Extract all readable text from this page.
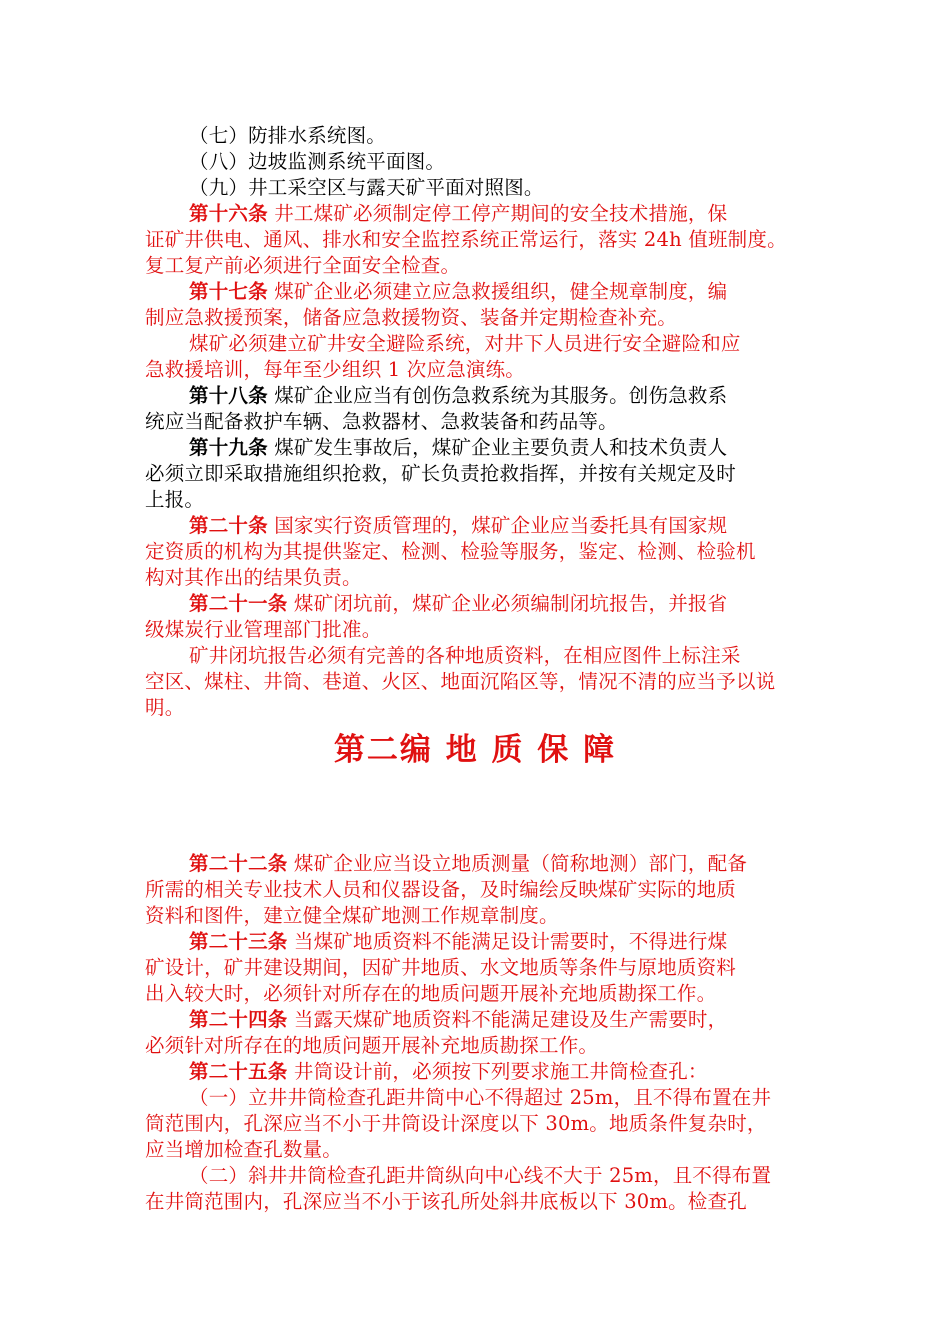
（七）防排水系统图。
（八）边坡监测系统平面图。
（九）井工采空区与露天矿平面对照图。
第十六条 井工煤矿必须制定停工停产期间的安全技术措施，保
证矿井供电、通风、排水和安全监控系统正常运行，落实 24h 值班制度。
复工复产前必须进行全面安全检查。
第十七条 煤矿企业必须建立应急救援组织，健全规章制度，编
制应急救援预案，储备应急救援物资、装备并定期检查补充。
煤矿必须建立矿井安全避险系统，对井下人员进行安全避险和应
急救援培训，每年至少组织 1 次应急演练。
第十八条 煤矿企业应当有创伤急救系统为其服务。创伤急救系
统应当配备救护车辆、急救器材、急救装备和药品等。
第十九条 煤矿发生事故后，煤矿企业主要负责人和技术负责人
必须立即采取措施组织抢救，矿长负责抢救指挥，并按有关规定及时
上报。
第二十条 国家实行资质管理的，煤矿企业应当委托具有国家规
定资质的机构为其提供鉴定、检测、检验等服务，鉴定、检测、检验机
构对其作出的结果负责。
第二十一条 煤矿闭坑前，煤矿企业必须编制闭坑报告，并报省
级煤炭行业管理部门批准。
矿井闭坑报告必须有完善的各种地质资料，在相应图件上标注采
空区、煤柱、井筒、巷道、火区、地面沉陷区等，情况不清的应当予以说
明。
第二编 地 质 保 障
第二十二条 煤矿企业应当设立地质测量（简称地测）部门，配备
所需的相关专业技术人员和仪器设备，及时编绘反映煤矿实际的地质
资料和图件，建立健全煤矿地测工作规章制度。
第二十三条 当煤矿地质资料不能满足设计需要时，不得进行煤
矿设计，矿井建设期间，因矿井地质、水文地质等条件与原地质资料
出入较大时，必须针对所存在的地质问题开展补充地质勘探工作。
第二十四条 当露天煤矿地质资料不能满足建设及生产需要时，
必须针对所存在的地质问题开展补充地质勘探工作。
第二十五条 井筒设计前，必须按下列要求施工井筒检查孔：
（一）立井井筒检查孔距井筒中心不得超过 25m，且不得布置在井
筒范围内，孔深应当不小于井筒设计深度以下 30m。地质条件复杂时，
应当增加检查孔数量。
（二）斜井井筒检查孔距井筒纵向中心线不大于 25m，且不得布置
在井筒范围内，孔深应当不小于该孔所处斜井底板以下 30m。检查孔
